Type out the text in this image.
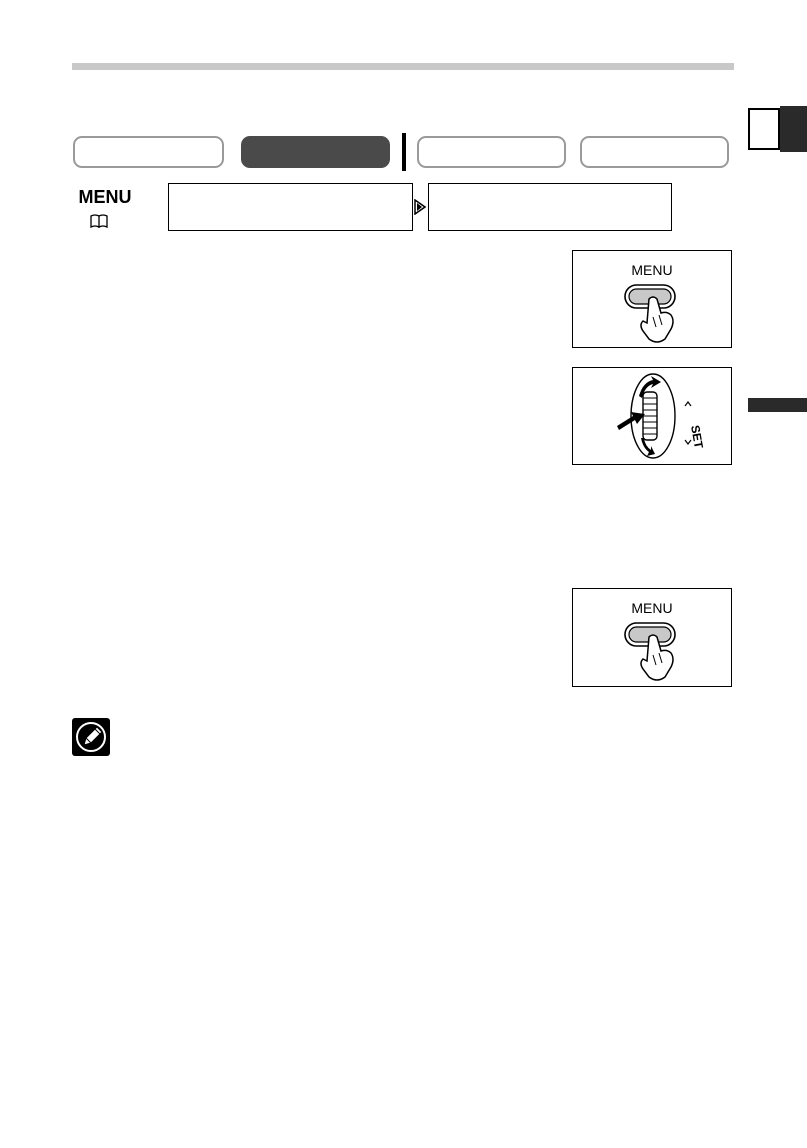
MENU
MENU
SET
MENU
